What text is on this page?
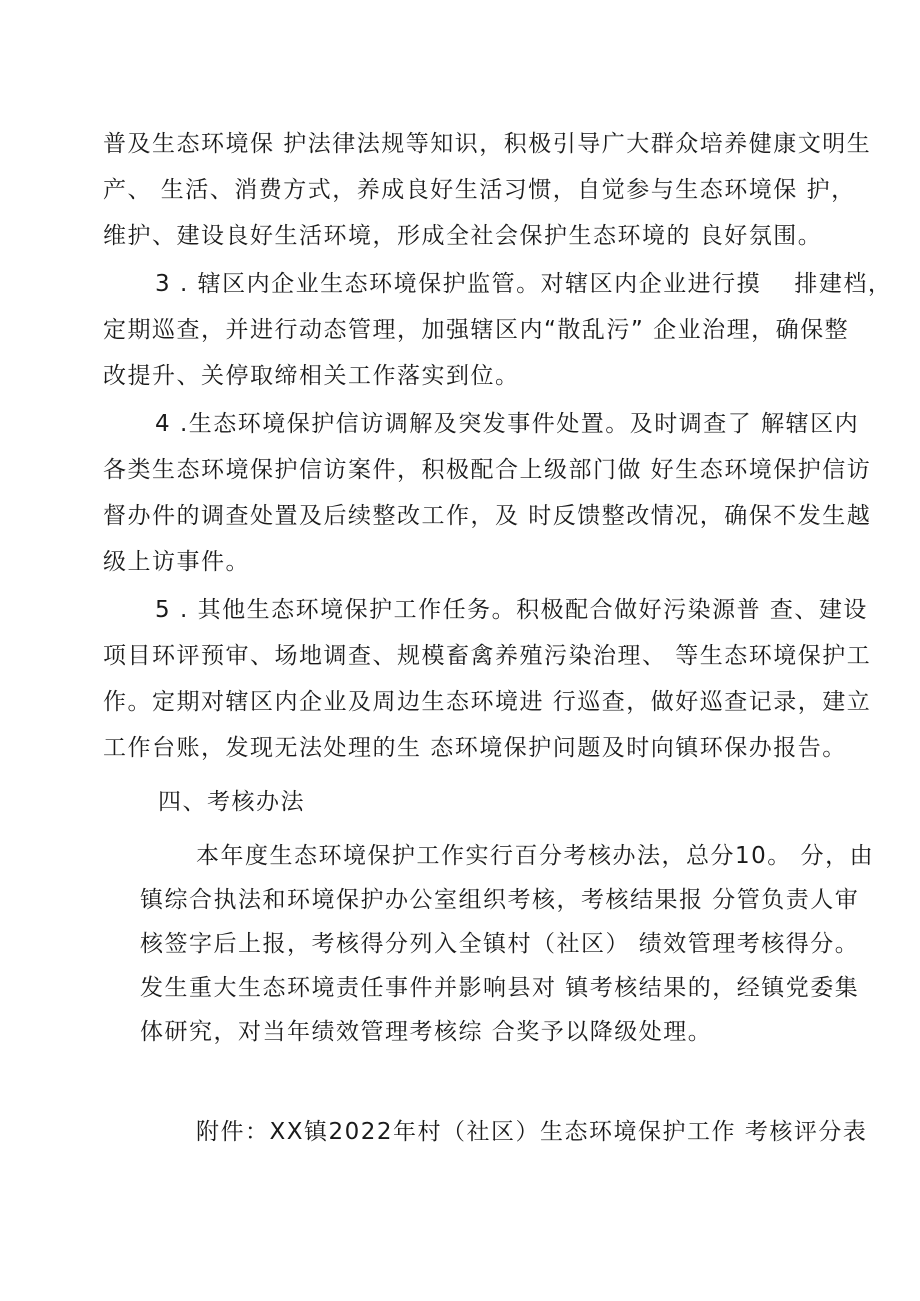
普及生态环境保 护法律法规等知识，积极引导广大群众培养健康文明生
产、 生活、消费方式，养成良好生活习惯，自觉参与生态环境保 护，
维护、建设良好生活环境，形成全社会保护生态环境的 良好氛围。
3 . 辖区内企业生态环境保护监管。对辖区内企业进行摸　 排建档，
定期巡查，并进行动态管理，加强辖区内“散乱污” 企业治理，确保整
改提升、关停取缔相关工作落实到位。
4 .生态环境保护信访调解及突发事件处置。及时调查了 解辖区内
各类生态环境保护信访案件，积极配合上级部门做 好生态环境保护信访
督办件的调查处置及后续整改工作，及 时反馈整改情况，确保不发生越
级上访事件。
5 . 其他生态环境保护工作任务。积极配合做好污染源普 查、建设
项目环评预审、场地调查、规模畜禽养殖污染治理、 等生态环境保护工
作。定期对辖区内企业及周边生态环境进 行巡查，做好巡查记录，建立
工作台账，发现无法处理的生 态环境保护问题及时向镇环保办报告。
四、考核办法
本年度生态环境保护工作实行百分考核办法，总分10。 分，由
镇综合执法和环境保护办公室组织考核，考核结果报 分管负责人审
核签字后上报，考核得分列入全镇村（社区） 绩效管理考核得分。
发生重大生态环境责任事件并影响县对 镇考核结果的，经镇党委集
体研究，对当年绩效管理考核综 合奖予以降级处理。
附件：XX镇2022年村（社区）生态环境保护工作 考核评分表
